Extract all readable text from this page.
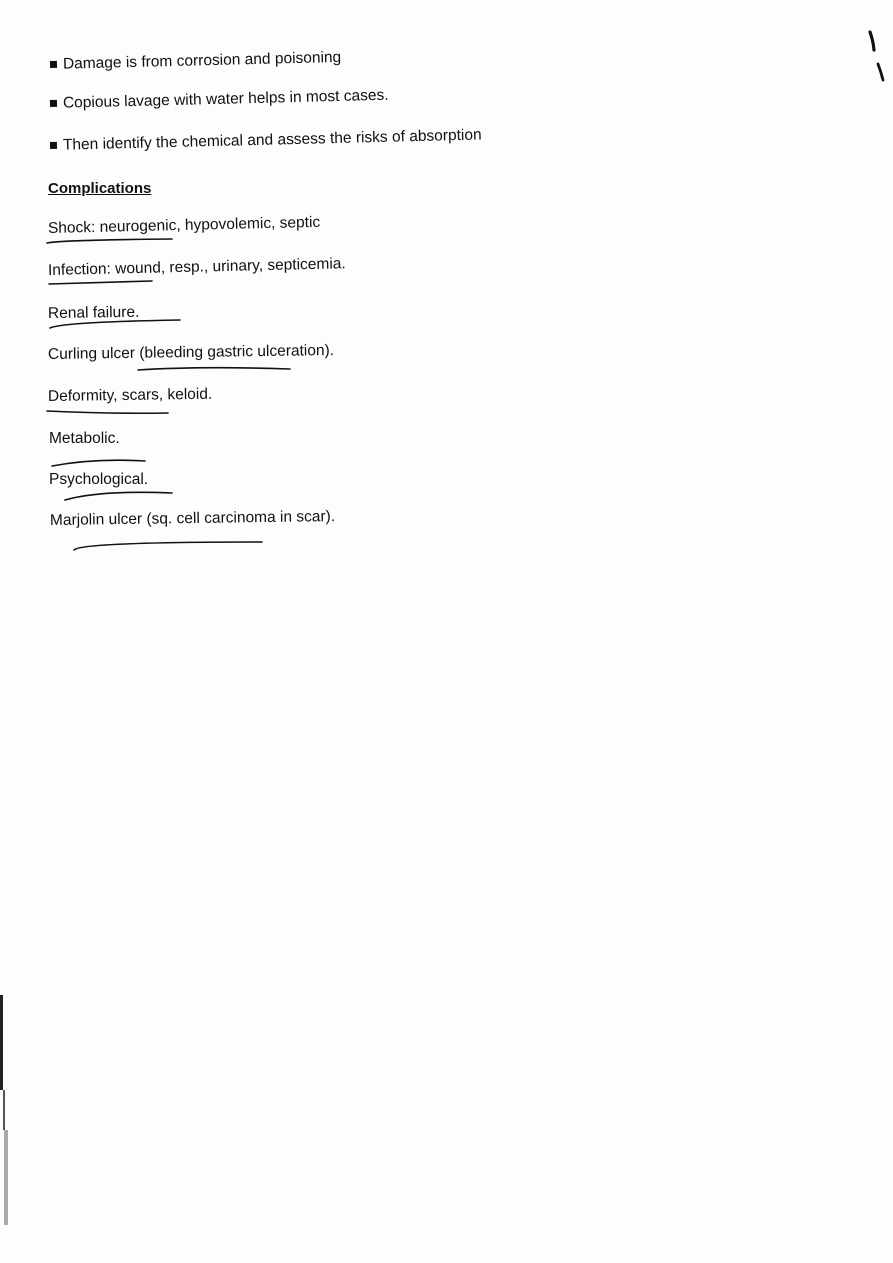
Damage is from corrosion and poisoning
Copious lavage with water helps in most cases.
Then identify the chemical and assess the risks of absorption
Complications
Shock: neurogenic, hypovolemic, septic
Infection: wound, resp., urinary, septicemia.
Renal failure.
Curling ulcer (bleeding gastric ulceration).
Deformity, scars, keloid.
Metabolic.
Psychological.
Marjolin ulcer (sq. cell carcinoma in scar).
